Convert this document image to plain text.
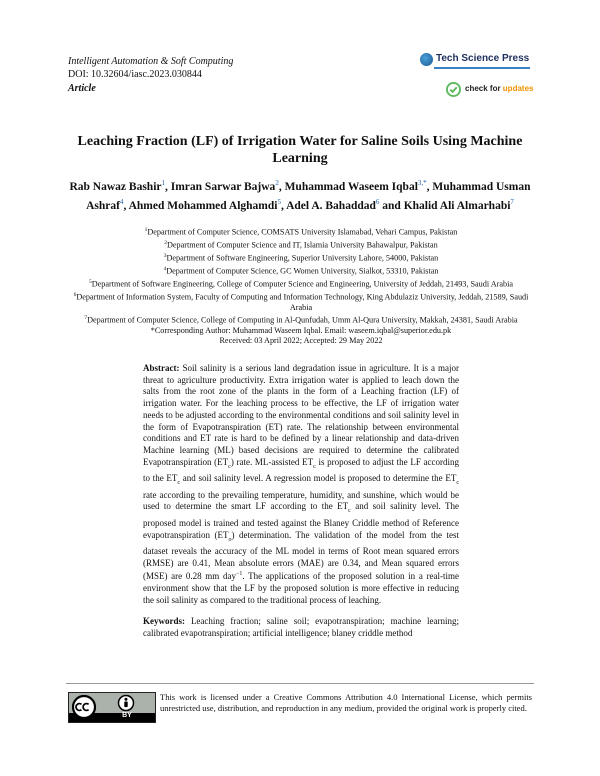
Intelligent Automation & Soft Computing
DOI: 10.32604/iasc.2023.030844
Article
Tech Science Press
check for updates
Leaching Fraction (LF) of Irrigation Water for Saline Soils Using Machine Learning
Rab Nawaz Bashir$^1$, Imran Sarwar Bajwa$^2$, Muhammad Waseem Iqbal$^{3,*}$, Muhammad Usman Ashraf$^4$, Ahmed Mohammed Alghamdi$^5$, Adel A. Bahaddad$^6$ and Khalid Ali Almarhabi$^7$

$^1$Department of Computer Science, COMSATS University Islamabad, Vehari Campus, Pakistan

$^2$Department of Computer Science and IT, Islamia University Bahawalpur, Pakistan

$^3$Department of Software Engineering, Superior University Lahore, 54000, Pakistan

$^4$Department of Computer Science, GC Women University, Sialkot, 53310, Pakistan

$^5$Department of Software Engineering, College of Computer Science and Engineering, University of Jeddah, 21493, Saudi Arabia

$^6$Department of Information System, Faculty of Computing and Information Technology, King Abdulaziz University, Jeddah, 21589, Saudi Arabia

$^7$Department of Computer Science, College of Computing in Al-Qunfudah, Umm Al-Qura University, Makkah, 24381, Saudi Arabia

*Corresponding Author: Muhammad Waseem Iqbal. Email: waseem.iqbal@superior.edu.pk

Received: 03 April 2022; Accepted: 29 May 2022

Abstract: Soil salinity is a serious land degradation issue in agriculture. It is a major threat to agriculture productivity. Extra irrigation water is applied to leach down the salts from the root zone of the plants in the form of a Leaching fraction (LF) of irrigation water. For the leaching process to be effective, the LF of irrigation water needs to be adjusted according to the environmental conditions and soil salinity level in the form of Evapotranspiration (ET) rate. The relationship between environmental conditions and ET rate is hard to be defined by a linear relationship and data-driven Machine learning (ML) based decisions are required to determine the calibrated Evapotranspiration $(ET_c)$ rate. ML-assisted $ET_c$ is proposed to adjust the LF according to the $ET_c$ and soil salinity level. A regression model is proposed to determine the $ET_c$ rate according to the prevailing temperature, humidity, and sunshine, which would be used to determine the smart LF according to the $ET_c$ and soil salinity level. The proposed model is trained and tested against the Blaney Criddle method of Reference evapotranspiration $(ET_o)$ determination. The validation of the model from the test dataset reveals the accuracy of the ML model in terms of Root mean squared errors (RMSE) are 0.41, Mean absolute errors (MAE) are 0.34, and Mean squared errors (MSE) are 0.28 mm day$^{-1}$. The applications of the proposed solution in a real-time environment show that the LF by the proposed solution is more effective in reducing the soil salinity as compared to the traditional process of leaching.
Keywords: Leaching fraction; saline soil; evapotranspiration; machine learning; calibrated evapotranspiration; artificial intelligence; blaney criddle method
BY
This work is licensed under a Creative Commons Attribution 4.0 International License, which permits unrestricted use, distribution, and reproduction in any medium, provided the original work is properly cited.
